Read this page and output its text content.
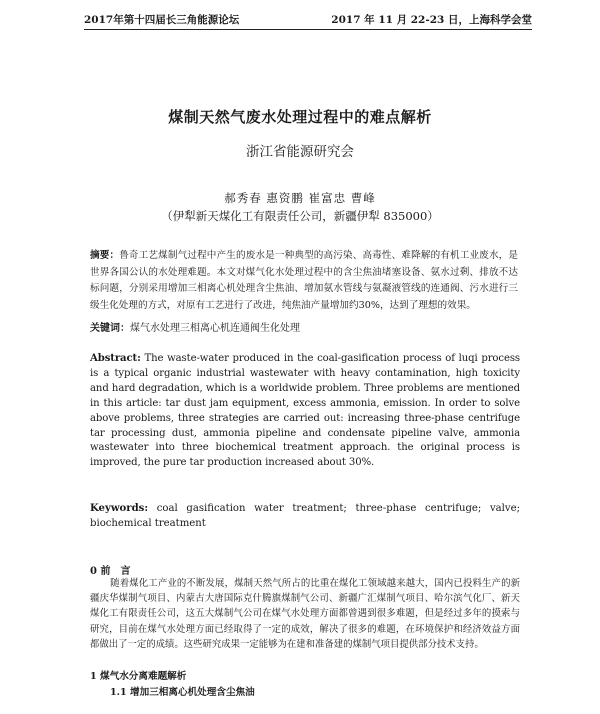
2017年第十四届长三角能源论坛	2017 年 11 月 22-23 日，上海科学会堂
煤制天然气废水处理过程中的难点解析
浙江省能源研究会
郝秀春 惠资鹏 崔富忠 曹峰
（伊犁新天煤化工有限责任公司，新疆伊犁 835000）
摘要：鲁奇工艺煤制气过程中产生的废水是一种典型的高污染、高毒性、难降解的有机工业废水，是世界各国公认的水处理难题。本文对煤气化水处理过程中的含尘焦油堵塞设备、氨水过剩、排放不达标问题，分别采用增加三相离心机处理含尘焦油、增加氨水管线与氨凝液管线的连通阀、污水进行三级生化处理的方式，对原有工艺进行了改进，纯焦油产量增加约30%，达到了理想的效果。
关键词：煤气水处理三相离心机连通阀生化处理
Abstract: The waste-water produced in the coal-gasification process of luqi process is a typical organic industrial wastewater with heavy contamination, high toxicity and hard degradation, which is a worldwide problem. Three problems are mentioned in this article: tar dust jam equipment, excess ammonia, emission. In order to solve above problems, three strategies are carried out: increasing three-phase centrifuge tar processing dust, ammonia pipeline and condensate pipeline valve, ammonia wastewater into three biochemical treatment approach. the original process is improved, the pure tar production increased about 30%.
Keywords: coal gasification water treatment; three-phase centrifuge; valve; biochemical treatment
0 前　言
随着煤化工产业的不断发展，煤制天然气所占的比重在煤化工领域越来越大，国内已投料生产的新疆庆华煤制气项目、内蒙古大唐国际克什腾旗煤制气公司、新疆广汇煤制气项目、哈尔滨气化厂、新天煤化工有限责任公司，这五大煤制气公司在煤气水处理方面都曾遇到很多难题，但是经过多年的摸索与研究，目前在煤气水处理方面已经取得了一定的成效，解决了很多的难题，在环境保护和经济效益方面都做出了一定的成绩。这些研究成果一定能够为在建和准备建的煤制气项目提供部分技术支持。
1 煤气水分离难题解析
1.1 增加三相离心机处理含尘焦油
